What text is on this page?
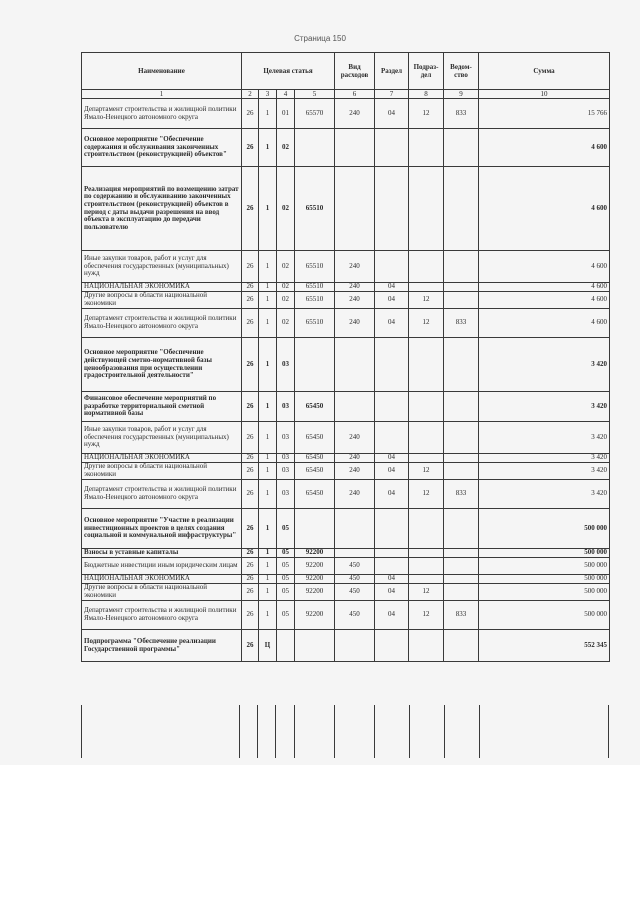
Страница 150
Наименование	Целевая статья				Вид расходов	Раздел	Подраз-дел	Ведом-ство	Сумма
1	2	3	4	5	6	7	8	9	10
Департамент строительства и жилищной политики Ямало-Ненецкого автономного округа	26	1	01	65570	240	04	12	833	15 766
Основное мероприятие "Обеспечение содержания и обслуживания законченных строительством (реконструкцией) объектов"	26	1	02						4 600
Реализация мероприятий по возмещению затрат по содержанию и обслуживанию законченных строительством (реконструкцией) объектов в период с даты выдачи разрешения на ввод объекта в эксплуатацию до передачи пользователю	26	1	02	65510					4 600
Иные закупки товаров, работ и услуг для обеспечения государственных (муниципальных) нужд	26	1	02	65510	240				4 600
НАЦИОНАЛЬНАЯ ЭКОНОМИКА	26	1	02	65510	240	04			4 600
Другие вопросы в области национальной экономики	26	1	02	65510	240	04	12		4 600
Департамент строительства и жилищной политики Ямало-Ненецкого автономного округа	26	1	02	65510	240	04	12	833	4 600
Основное мероприятие "Обеспечение действующей сметно-нормативной базы ценообразования при осуществлении градостроительной деятельности"	26	1	03						3 420
Финансовое обеспечение мероприятий по разработке территориальной сметной нормативной базы	26	1	03	65450					3 420
Иные закупки товаров, работ и услуг для обеспечения государственных (муниципальных) нужд	26	1	03	65450	240				3 420
НАЦИОНАЛЬНАЯ ЭКОНОМИКА	26	1	03	65450	240	04			3 420
Другие вопросы в области национальной экономики	26	1	03	65450	240	04	12		3 420
Департамент строительства и жилищной политики Ямало-Ненецкого автономного округа	26	1	03	65450	240	04	12	833	3 420
Основное мероприятие "Участие в реализации инвестиционных проектов в целях создания социальной и коммунальной инфраструктуры"	26	1	05						500 000
Взносы в уставные капиталы	26	1	05	92200					500 000
Бюджетные инвестиции иным юридическим лицам	26	1	05	92200	450				500 000
НАЦИОНАЛЬНАЯ ЭКОНОМИКА	26	1	05	92200	450	04			500 000
Другие вопросы в области национальной экономики	26	1	05	92200	450	04	12		500 000
Департамент строительства и жилищной политики Ямало-Ненецкого автономного округа	26	1	05	92200	450	04	12	833	500 000
Подпрограмма "Обеспечение реализации Государственной программы"	26	Ц							552 345
